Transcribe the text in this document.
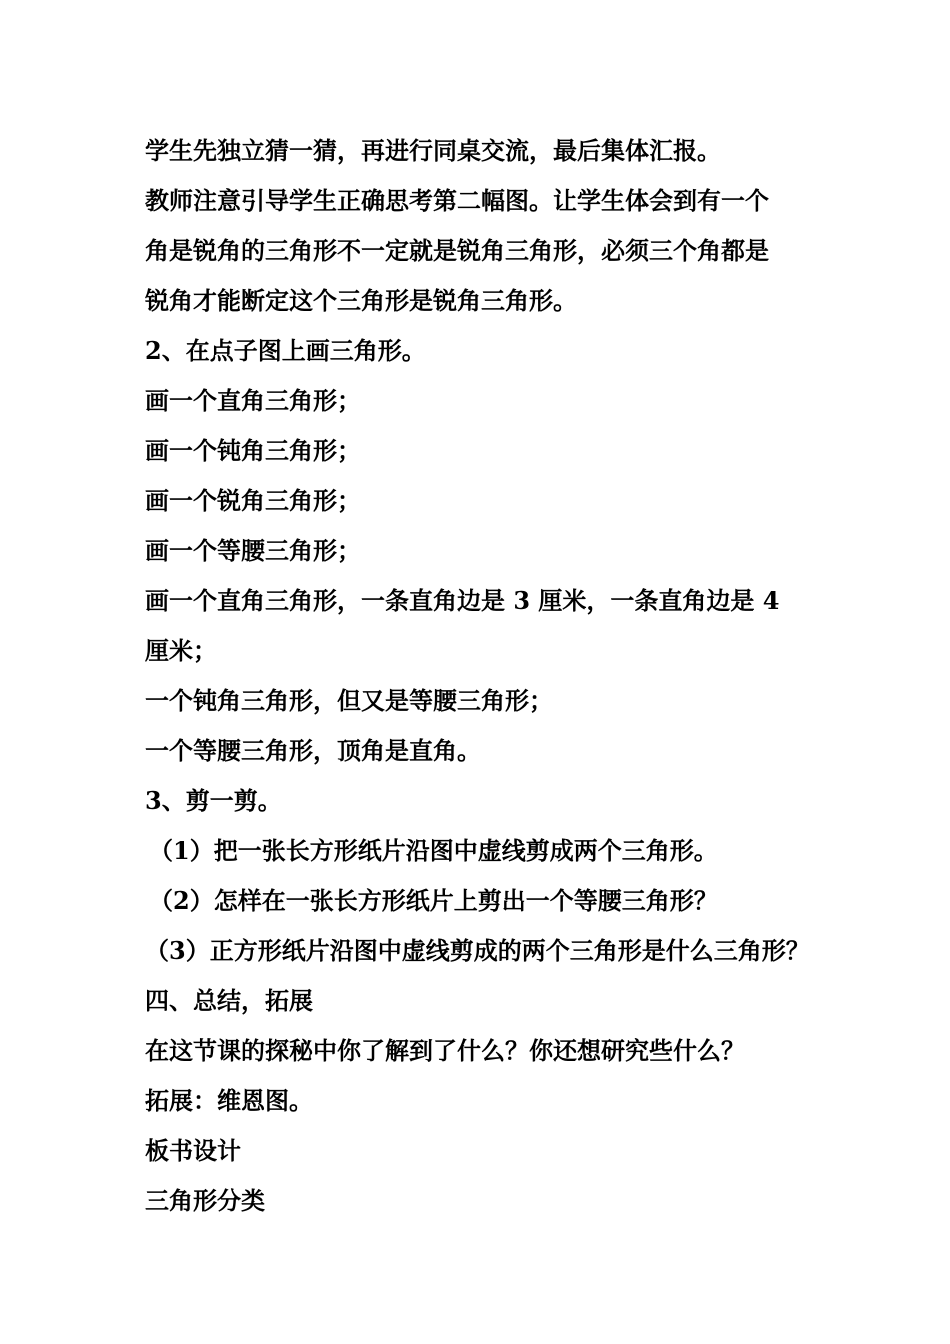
学生先独立猜一猜，再进行同桌交流，最后集体汇报。
教师注意引导学生正确思考第二幅图。让学生体会到有一个
角是锐角的三角形不一定就是锐角三角形，必须三个角都是
锐角才能断定这个三角形是锐角三角形。
2、在点子图上画三角形。
画一个直角三角形；
画一个钝角三角形；
画一个锐角三角形；
画一个等腰三角形；
画一个直角三角形，一条直角边是 3 厘米，一条直角边是 4
厘米；
一个钝角三角形，但又是等腰三角形；
一个等腰三角形，顶角是直角。
3、剪一剪。
（1）把一张长方形纸片沿图中虚线剪成两个三角形。
（2）怎样在一张长方形纸片上剪出一个等腰三角形？
（3）正方形纸片沿图中虚线剪成的两个三角形是什么三角形？
四、总结，拓展
在这节课的探秘中你了解到了什么？你还想研究些什么？
拓展：维恩图。
板书设计
三角形分类
